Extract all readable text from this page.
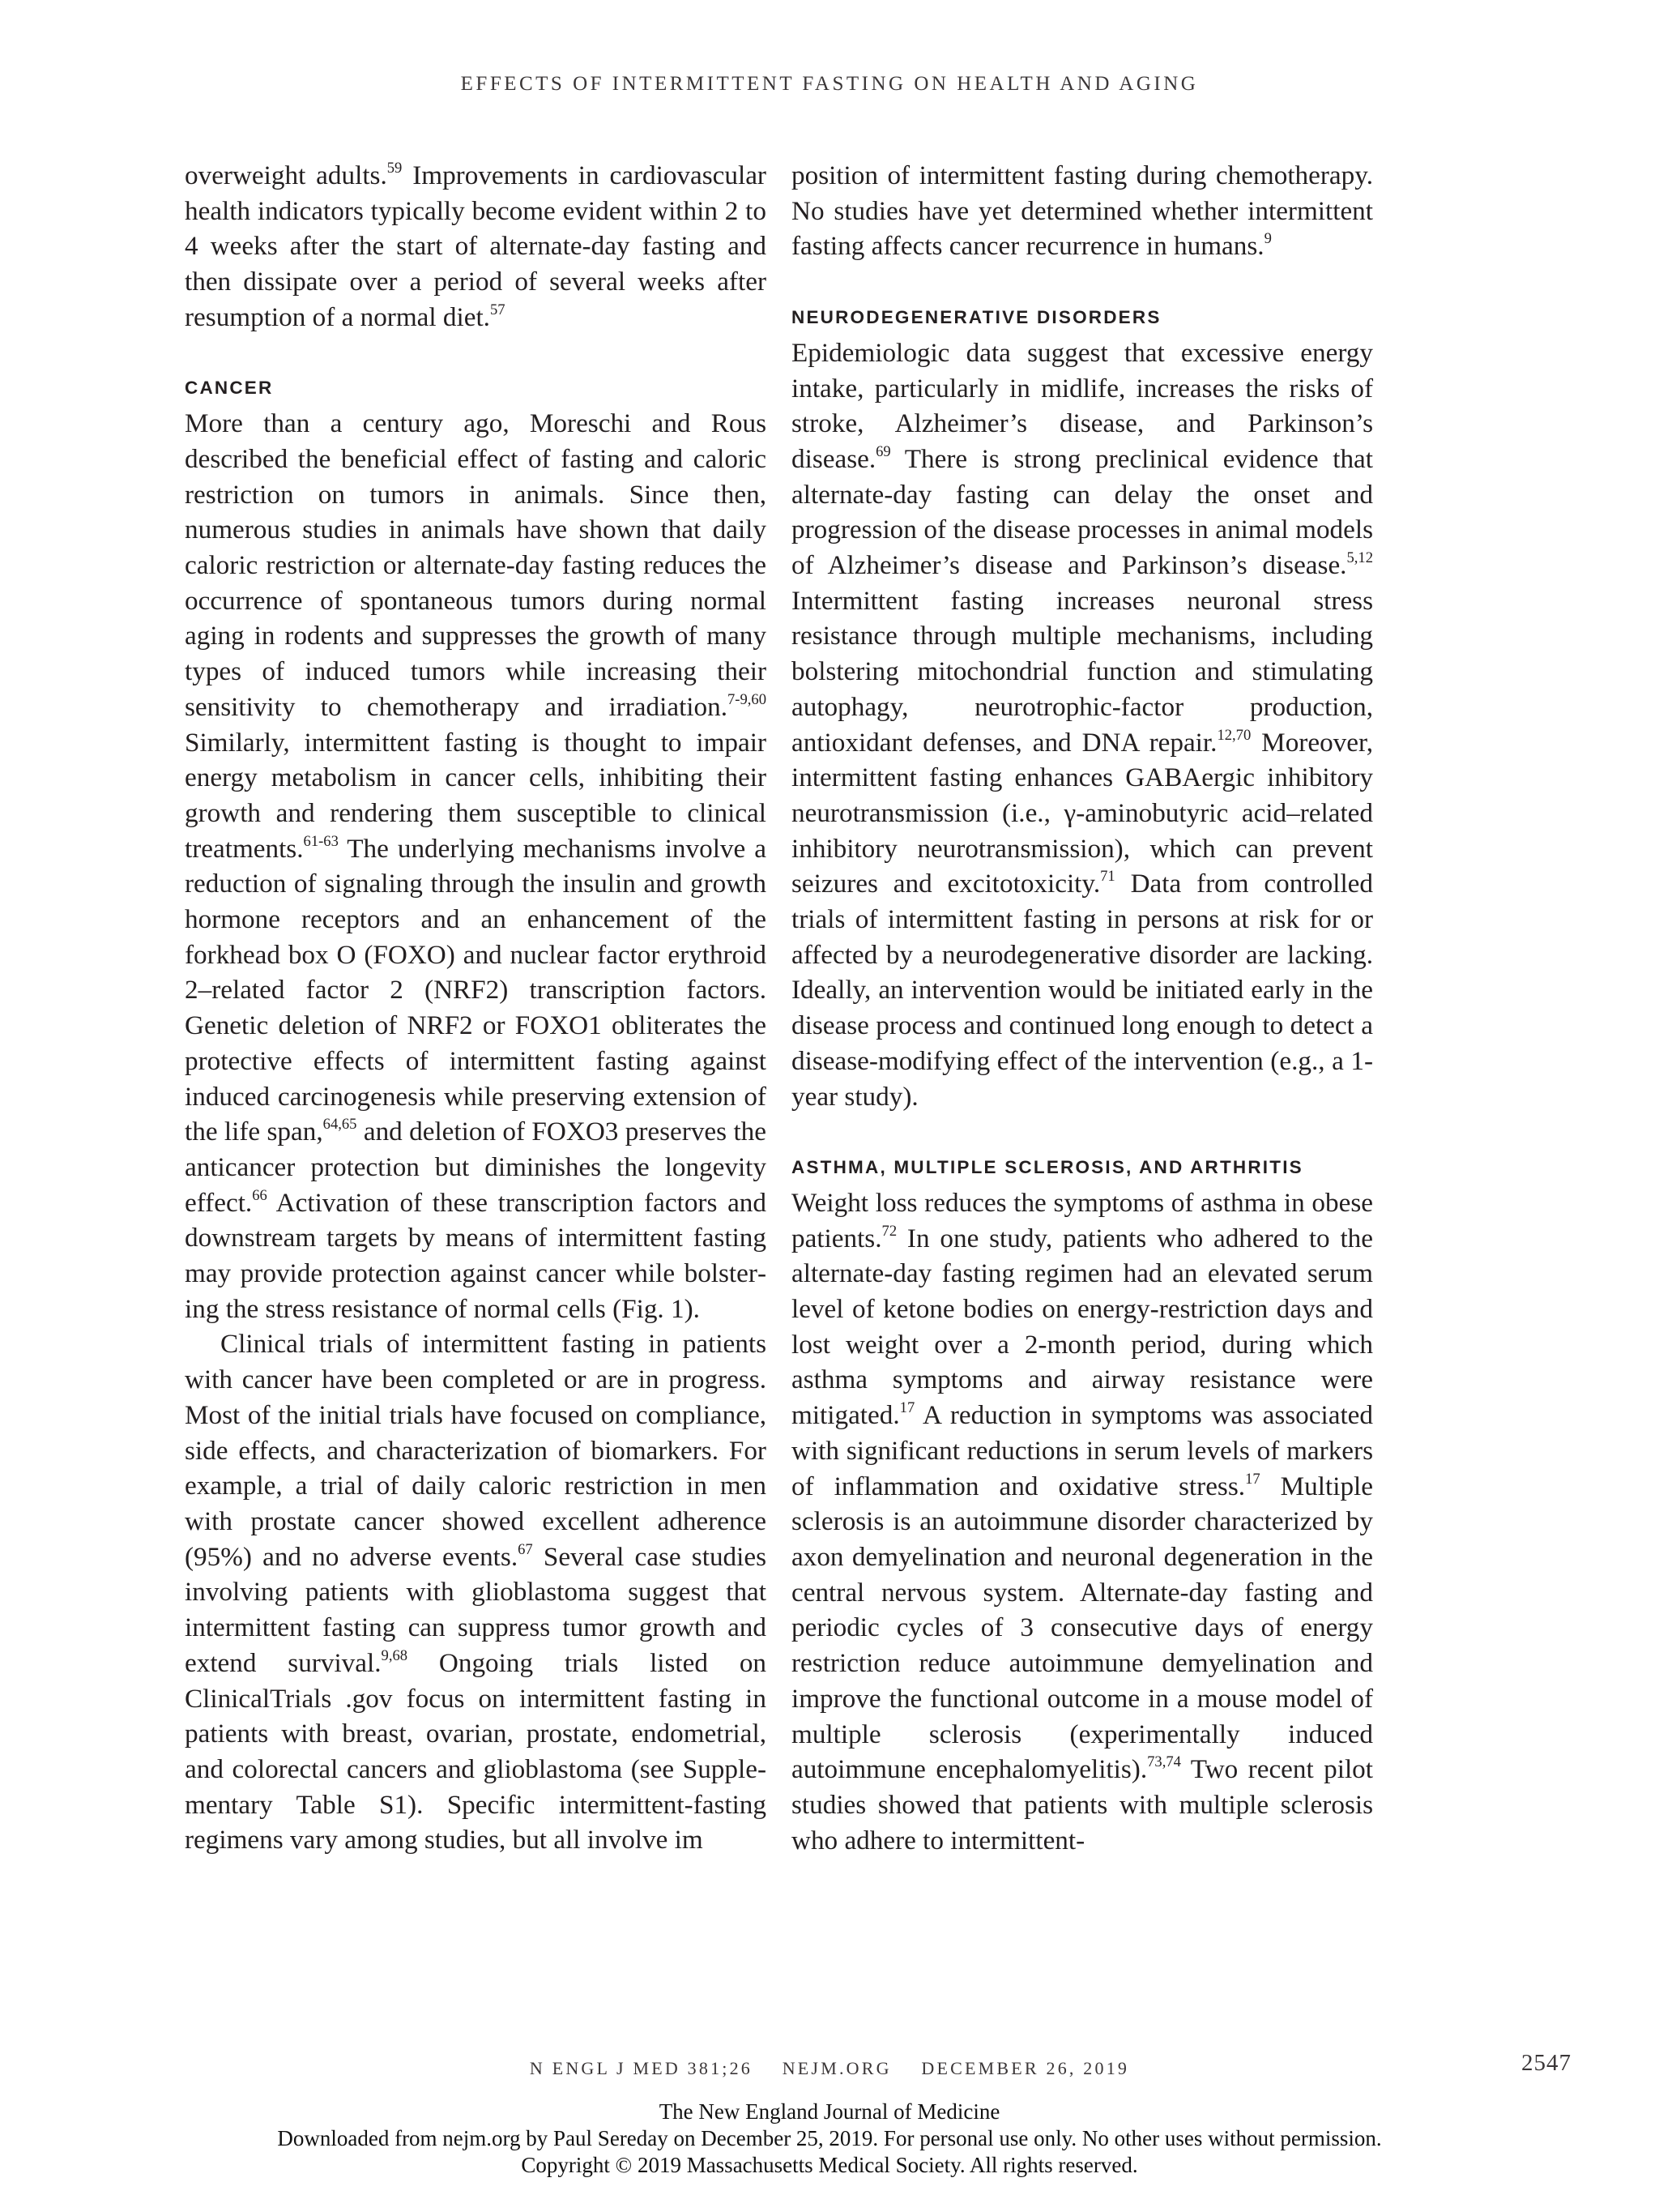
EFFECTS OF INTERMITTENT FASTING ON HEALTH AND AGING

overweight adults.$^{59}$ Improvements in cardiovascular health indicators typically become evident within 2 to 4 weeks after the start of alternate-day fasting and then dissipate over a period of several weeks after resumption of a normal diet.$^{57}$

CANCER

More than a century ago, Moreschi and Rous described the beneficial effect of fasting and caloric restriction on tumors in animals. Since then, numerous studies in animals have shown that daily caloric restriction or alternate-day fasting reduces the occurrence of spontaneous tumors during normal aging in rodents and suppresses the growth of many types of induced tumors while increasing their sensitivity to chemotherapy and irradiation.$^{7-9,60}$ Similarly, intermittent fasting is thought to impair energy metabolism in cancer cells, inhibiting their growth and rendering them susceptible to clinical treatments.$^{61-63}$ The underlying mechanisms involve a reduction of signaling through the insulin and growth hormone receptors and an enhancement of the forkhead box O (FOXO) and nuclear factor erythroid 2–related factor 2 (NRF2) transcription factors. Genetic deletion of NRF2 or FOXO1 obliterates the protective effects of intermittent fasting against induced carcinogenesis while preserving extension of the life span,$^{64,65}$ and deletion of FOXO3 preserves the anticancer protection but diminishes the longevity effect.$^{66}$ Activation of these transcription factors and downstream targets by means of intermittent fasting may provide protection against cancer while bolstering the stress resistance of normal cells (Fig. 1).

Clinical trials of intermittent fasting in patients with cancer have been completed or are in progress. Most of the initial trials have focused on compliance, side effects, and characterization of biomarkers. For example, a trial of daily caloric restriction in men with prostate cancer showed excellent adherence (95%) and no adverse events.$^{67}$ Several case studies involving patients with glioblastoma suggest that intermittent fasting can suppress tumor growth and extend survival.$^{9,68}$ Ongoing trials listed on ClinicalTrials .gov focus on intermittent fasting in patients with breast, ovarian, prostate, endometrial, and colorectal cancers and glioblastoma (see Supplementary Table S1). Specific intermittent-fasting regimens vary among studies, but all involve im

position of intermittent fasting during chemotherapy. No studies have yet determined whether intermittent fasting affects cancer recurrence in humans.$^9$

NEURODEGENERATIVE DISORDERS

Epidemiologic data suggest that excessive energy intake, particularly in midlife, increases the risks of stroke, Alzheimer’s disease, and Parkinson’s disease.$^{69}$ There is strong preclinical evidence that alternate-day fasting can delay the onset and progression of the disease processes in animal models of Alzheimer’s disease and Parkinson’s disease.$^{5,12}$ Intermittent fasting increases neuronal stress resistance through multiple mechanisms, including bolstering mitochondrial function and stimulating autophagy, neurotrophic-factor production, antioxidant defenses, and DNA repair.$^{12,70}$ Moreover, intermittent fasting enhances GABAergic inhibitory neurotransmission (i.e., γ-aminobutyric acid–related inhibitory neurotransmission), which can prevent seizures and excitotoxicity.$^{71}$ Data from controlled trials of intermittent fasting in persons at risk for or affected by a neurodegenerative disorder are lacking. Ideally, an intervention would be initiated early in the disease process and continued long enough to detect a disease-modifying effect of the intervention (e.g., a 1-year study).

ASTHMA, MULTIPLE SCLEROSIS, AND ARTHRITIS

Weight loss reduces the symptoms of asthma in obese patients.$^{72}$ In one study, patients who adhered to the alternate-day fasting regimen had an elevated serum level of ketone bodies on energy-restriction days and lost weight over a 2-month period, during which asthma symptoms and airway resistance were mitigated.$^{17}$ A reduction in symptoms was associated with significant reductions in serum levels of markers of inflammation and oxidative stress.$^{17}$ Multiple sclerosis is an autoimmune disorder characterized by axon demyelination and neuronal degeneration in the central nervous system. Alternate-day fasting and periodic cycles of 3 consecutive days of energy restriction reduce autoimmune demyelination and improve the functional outcome in a mouse model of multiple sclerosis (experimentally induced autoimmune encephalomyelitis).$^{73,74}$ Two recent pilot studies showed that patients with multiple sclerosis who adhere to intermittent-

N ENGL J MED 381;26 NEJM.ORG DECEMBER 26, 2019	2547
The New England Journal of Medicine
Downloaded from nejm.org by Paul Sereday on December 25, 2019. For personal use only. No other uses without permission.
Copyright © 2019 Massachusetts Medical Society. All rights reserved.
